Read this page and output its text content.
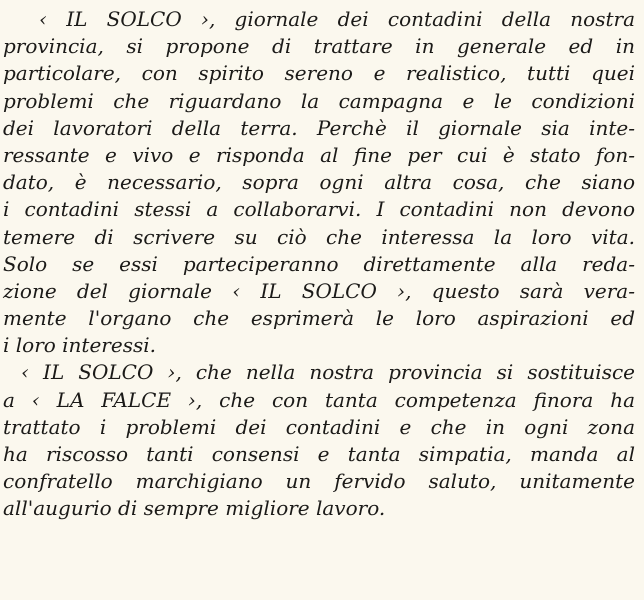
‹ IL SOLCO ›, giornale dei contadini della nostra
provincia, si propone di trattare in generale ed in
particolare, con spirito sereno e realistico, tutti quei
problemi che riguardano la campagna e le condizioni
dei lavoratori della terra. Perchè il giornale sia inte-
ressante e vivo e risponda al fine per cui è stato fon-
dato, è necessario, sopra ogni altra cosa, che siano
i contadini stessi a collaborarvi. I contadini non devono
temere di scrivere su ciò che interessa la loro vita.
Solo se essi parteciperanno direttamente alla reda-
zione del giornale ‹ IL SOLCO ›, questo sarà vera-
mente l'organo che esprimerà le loro aspirazioni ed
i loro interessi.
‹ IL SOLCO ›, che nella nostra provincia si sostituisce
a ‹ LA FALCE ›, che con tanta competenza finora ha
trattato i problemi dei contadini e che in ogni zona
ha riscosso tanti consensi e tanta simpatia, manda al
confratello marchigiano un fervido saluto, unitamente
all'augurio di sempre migliore lavoro.
